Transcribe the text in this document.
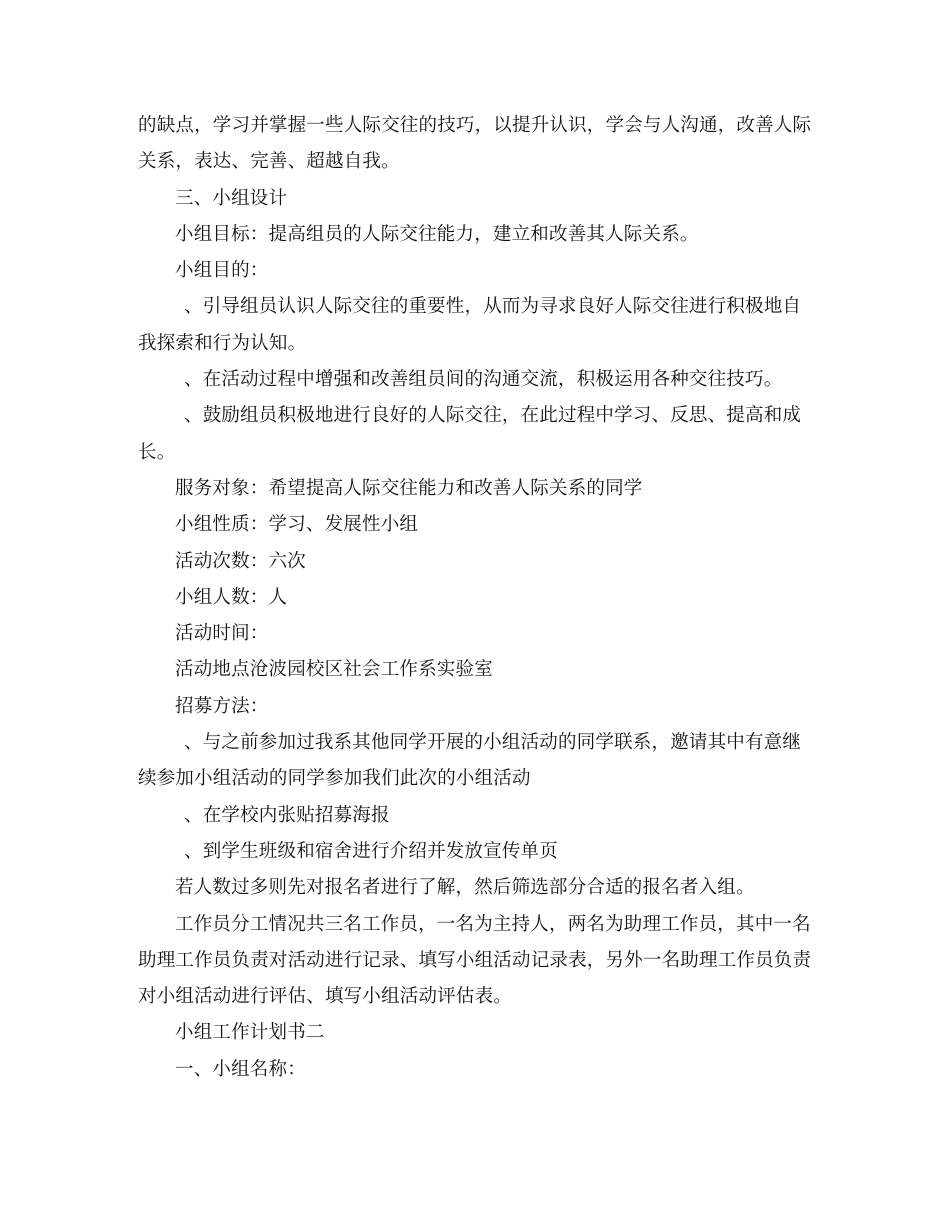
的缺点，学习并掌握一些人际交往的技巧，以提升认识，学会与人沟通，改善人际关系，表达、完善、超越自我。

三、小组设计

小组目标：提高组员的人际交往能力，建立和改善其人际关系。

小组目的：

、引导组员认识人际交往的重要性，从而为寻求良好人际交往进行积极地自我探索和行为认知。

、在活动过程中增强和改善组员间的沟通交流，积极运用各种交往技巧。

、鼓励组员积极地进行良好的人际交往，在此过程中学习、反思、提高和成长。

服务对象：希望提高人际交往能力和改善人际关系的同学

小组性质：学习、发展性小组

活动次数：六次

小组人数：人

活动时间：

活动地点沧波园校区社会工作系实验室

招募方法：

、与之前参加过我系其他同学开展的小组活动的同学联系，邀请其中有意继续参加小组活动的同学参加我们此次的小组活动

、在学校内张贴招募海报

、到学生班级和宿舍进行介绍并发放宣传单页

若人数过多则先对报名者进行了解，然后筛选部分合适的报名者入组。

工作员分工情况共三名工作员，一名为主持人，两名为助理工作员，其中一名助理工作员负责对活动进行记录、填写小组活动记录表，另外一名助理工作员负责对小组活动进行评估、填写小组活动评估表。

小组工作计划书二

一、小组名称：
